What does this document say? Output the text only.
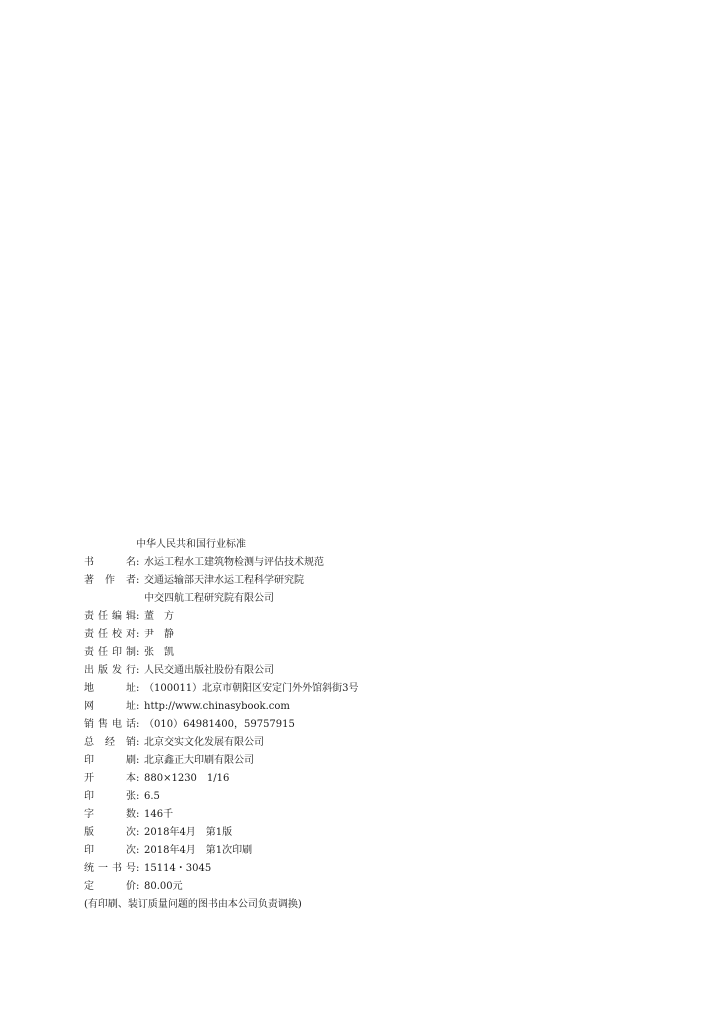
中华人民共和国行业标准
书　　名 : 水运工程水工建筑物检测与评估技术规范
著 作 者 : 交通运输部天津水运工程科学研究院
中交四航工程研究院有限公司
责任编辑 : 董　方
责任校对 : 尹　静
责任印制 : 张　凯
出版发行 : 人民交通出版社股份有限公司
地　　址 : （100011）北京市朝阳区安定门外外馆斜街3号
网　　址 : http://www.chinasybook.com
销售电话 : （010）64981400，59757915
总 经 销 : 北京交实文化发展有限公司
印　　刷 : 北京鑫正大印刷有限公司
开　　本 : 880×1230　1/16
印　　张 : 6.5
字　　数 : 146千
版　　次 : 2018年4月　第1版
印　　次 : 2018年4月　第1次印刷
统一书号 : 15114・3045
定　　价 : 80.00元
(有印刷、装订质量问题的图书由本公司负责调换)
